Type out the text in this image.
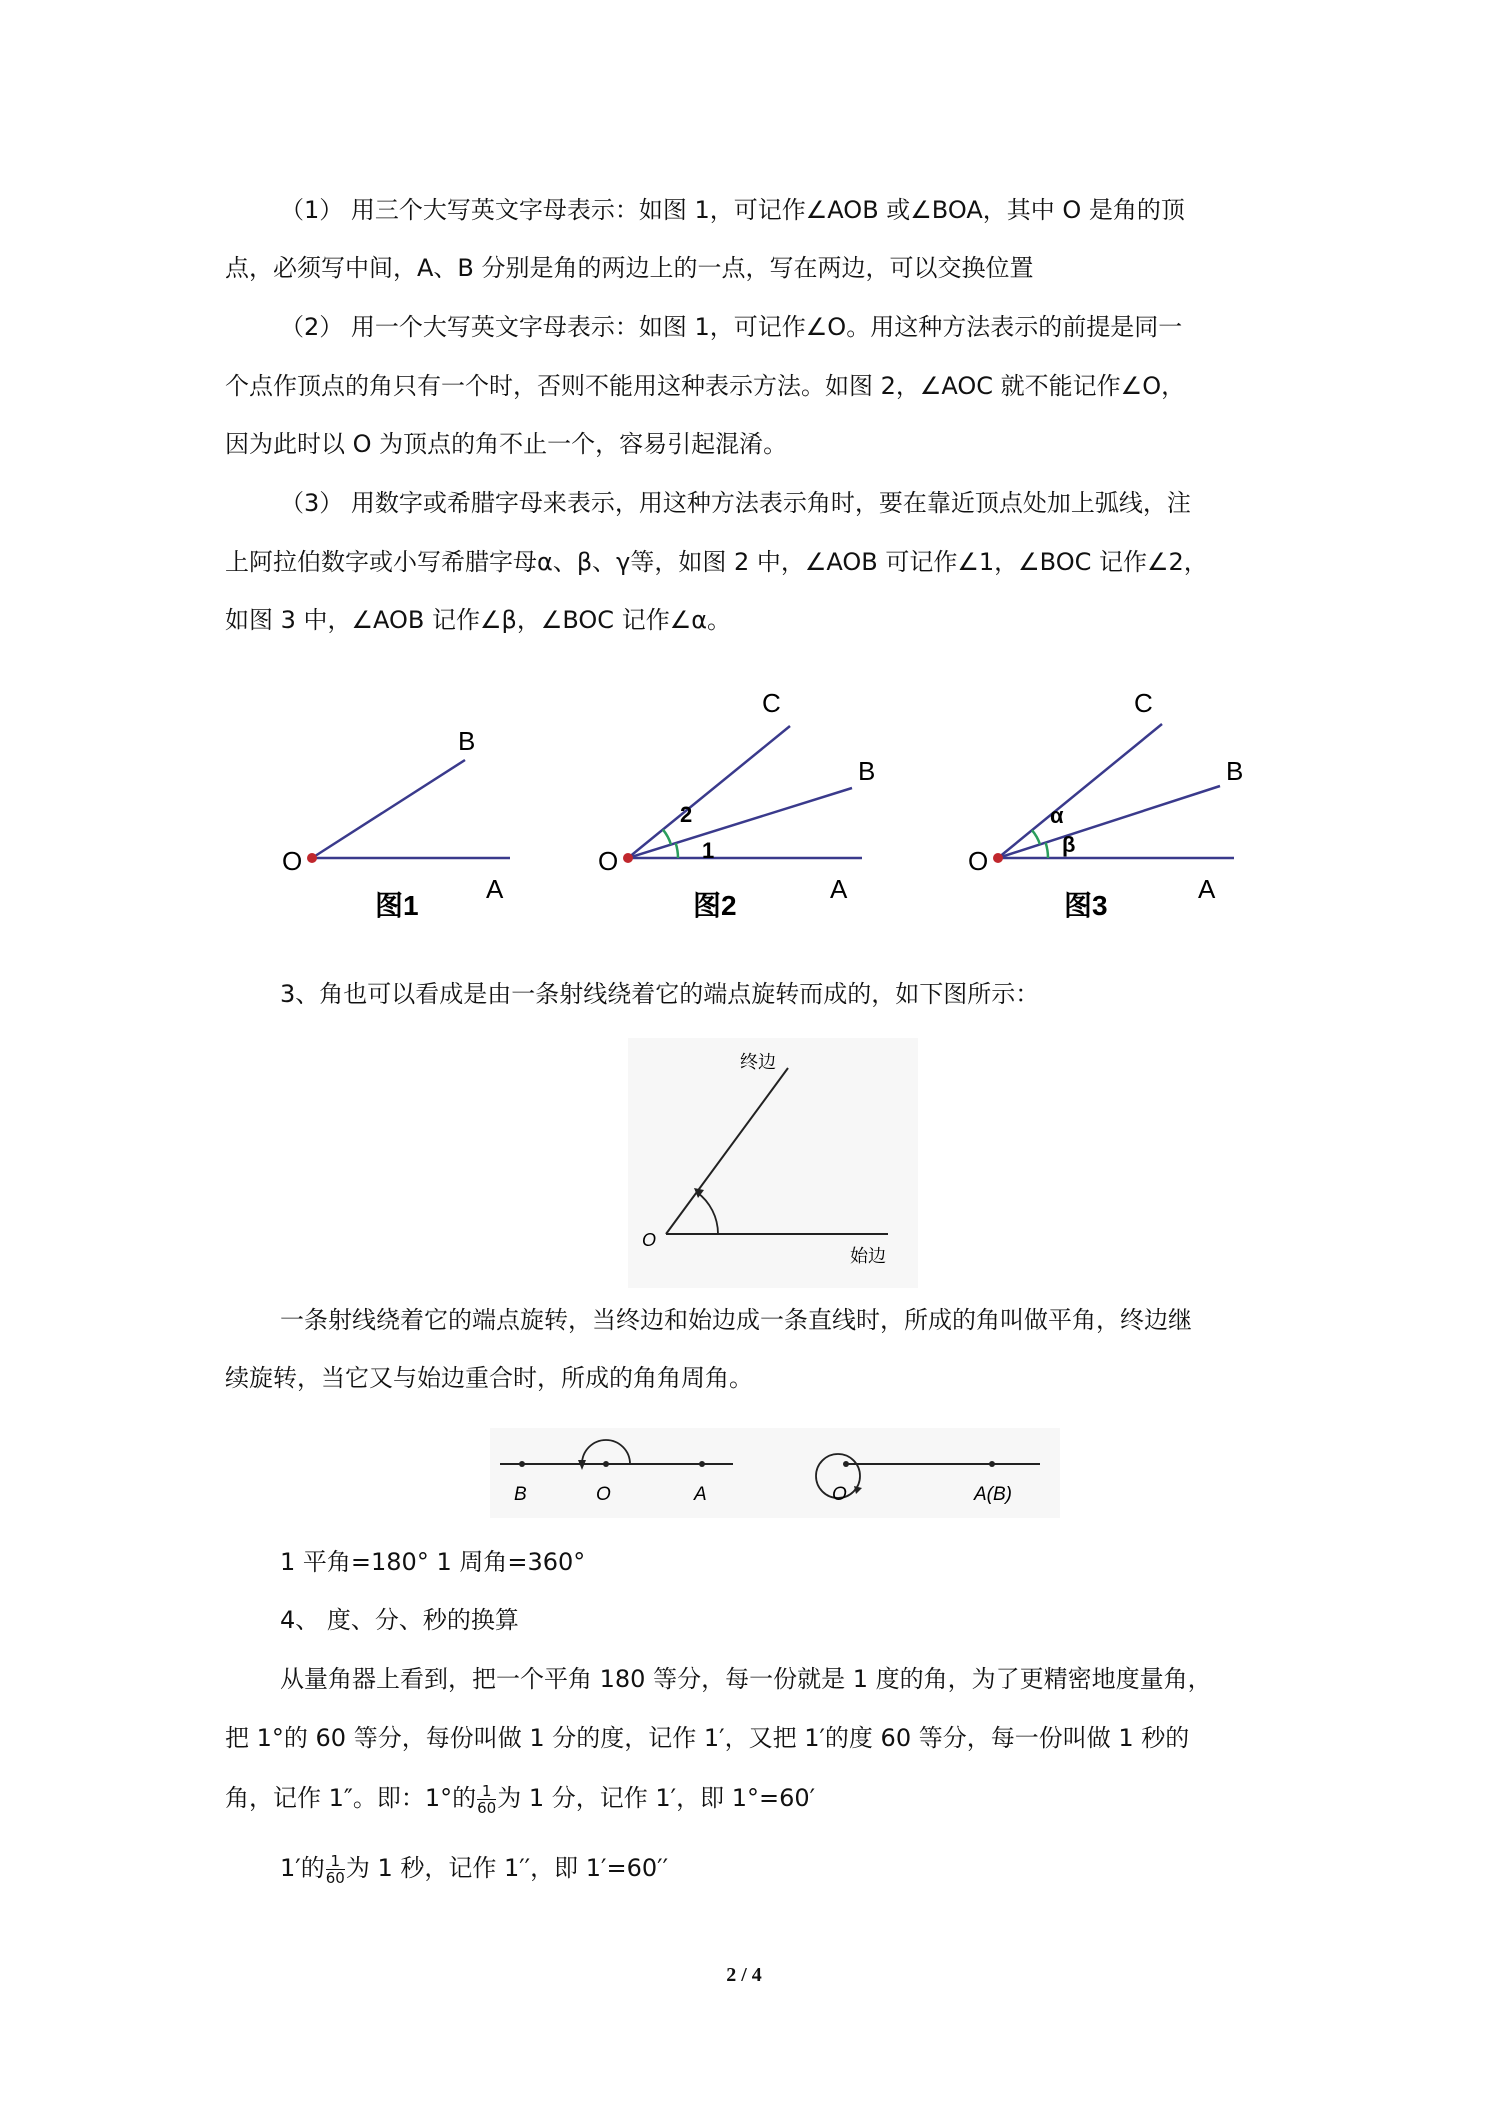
（1） 用三个大写英文字母表示：如图 1，可记作∠AOB 或∠BOA，其中 O 是角的顶
点，必须写中间，A、B 分别是角的两边上的一点，写在两边，可以交换位置
（2） 用一个大写英文字母表示：如图 1，可记作∠O。用这种方法表示的前提是同一
个点作顶点的角只有一个时，否则不能用这种表示方法。如图 2，∠AOC 就不能记作∠O，
因为此时以 O 为顶点的角不止一个，容易引起混淆。
（3） 用数字或希腊字母来表示，用这种方法表示角时，要在靠近顶点处加上弧线，注
上阿拉伯数字或小写希腊字母α、β、γ等，如图 2 中，∠AOB 可记作∠1，∠BOC 记作∠2，
如图 3 中，∠AOB 记作∠β，∠BOC 记作∠α。
O
A
B
图1
O
A
B
C
1
2
图2
O
A
B
C
α
β
图3
3、角也可以看成是由一条射线绕着它的端点旋转而成的，如下图所示：
O
终边
始边
一条射线绕着它的端点旋转，当终边和始边成一条直线时，所成的角叫做平角，终边继
续旋转，当它又与始边重合时，所成的角角周角。
B	O	A	O	A(B)
1 平角=180° 1 周角=360°
4、 度、分、秒的换算
从量角器上看到，把一个平角 180 等分，每一份就是 1 度的角，为了更精密地度量角，
把 1°的 60 等分，每份叫做 1 分的度，记作 1′，又把 1′的度 60 等分，每一份叫做 1 秒的
角，记作 1″。即：1°的 $\frac{1}{60}$ 为 1 分，记作 1′，即 1°=60′
1′的 $\frac{1}{60}$ 为 1 秒，记作 1′′，即 1′=60′′
2 / 4
